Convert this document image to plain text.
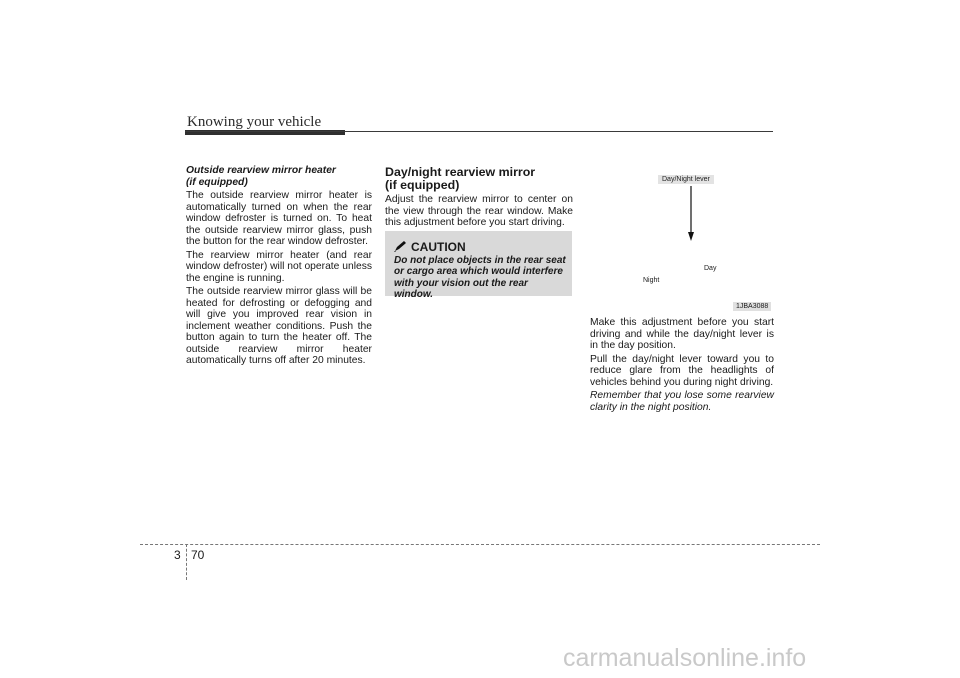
Knowing your vehicle

Outside rearview mirror heater
(if equipped)

The outside rearview mirror heater is automatically turned on when the rear window defroster is turned on. To heat the outside rearview mirror glass, push the button for the rear window defroster.

The rearview mirror heater (and rear window defroster) will not operate unless the engine is running.

The outside rearview mirror glass will be heated for defrosting or defogging and will give you improved rear vision in inclement weather conditions. Push the button again to turn the heater off. The outside rearview mirror heater automatically turns off after 20 minutes.

Day/night rearview mirror
(if equipped)

Adjust the rearview mirror to center on the view through the rear window. Make this adjustment before you start driving.

CAUTION
Do not place objects in the rear seat or cargo area which would interfere with your vision out the rear window.
Day/Night lever
Day
Night
1JBA3088

Make this adjustment before you start driving and while the day/night lever is in the day position.

Pull the day/night lever toward you to reduce glare from the headlights of vehicles behind you during night driving.

Remember that you lose some rearview clarity in the night position.

3 70
carmanualsonline.info
